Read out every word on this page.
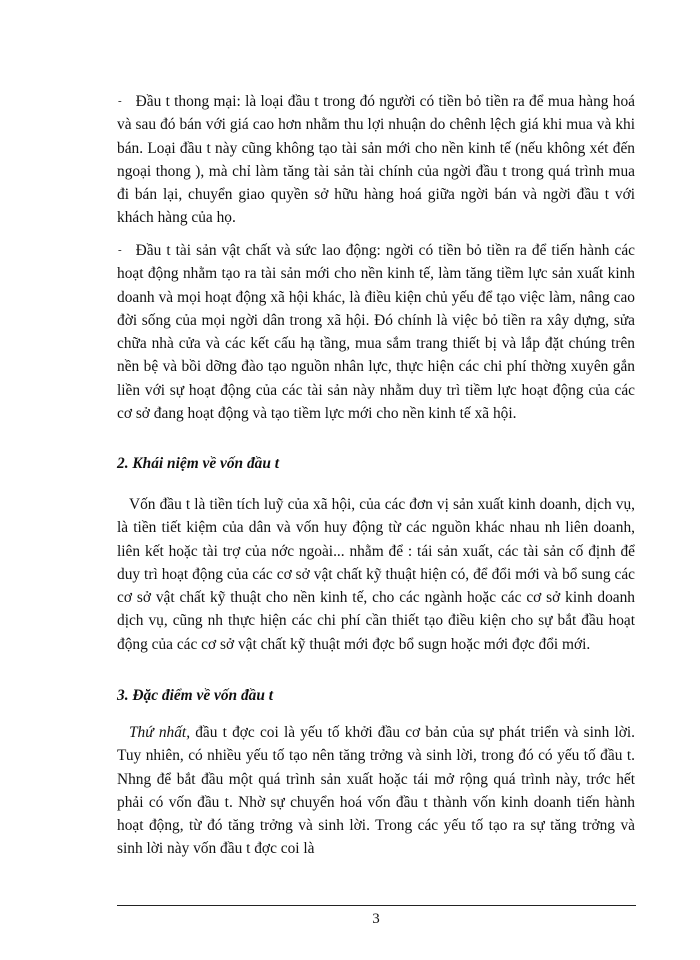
- Đầu t thong mại: là loại đầu t trong đó người có tiền bỏ tiền ra để mua hàng hoá và sau đó bán với giá cao hơn nhằm thu lợi nhuận do chênh lệch giá khi mua và khi bán. Loại đầu t này cũng không tạo tài sản mới cho nền kinh tế (nếu không xét đến ngoại thong ), mà chỉ làm tăng tài sản tài chính của ngời đầu t trong quá trình mua đi bán lại, chuyển giao quyền sở hữu hàng hoá giữa ngời bán và ngời đầu t với khách hàng của họ.

- Đầu t tài sản vật chất và sức lao động: ngời có tiền bỏ tiền ra để tiến hành các hoạt động nhằm tạo ra tài sản mới cho nền kinh tế, làm tăng tiềm lực sản xuất kinh doanh và mọi hoạt động xã hội khác, là điều kiện chủ yếu để tạo việc làm, nâng cao đời sống của mọi ngời dân trong xã hội. Đó chính là việc bỏ tiền ra xây dựng, sửa chữa nhà cửa và các kết cấu hạ tầng, mua sắm trang thiết bị và lắp đặt chúng trên nền bệ và bồi dỡng đào tạo nguồn nhân lực, thực hiện các chi phí thờng xuyên gắn liền với sự hoạt động của các tài sản này nhằm duy trì tiềm lực hoạt động của các cơ sở đang hoạt động và tạo tiềm lực mới cho nền kinh tế xã hội.

2. Khái niệm về vốn đầu t

Vốn đầu t là tiền tích luỹ của xã hội, của các đơn vị sản xuất kinh doanh, dịch vụ, là tiền tiết kiệm của dân và vốn huy động từ các nguồn khác nhau nh liên doanh, liên kết hoặc tài trợ của nớc ngoài... nhằm để : tái sản xuất, các tài sản cố định để duy trì hoạt động của các cơ sở vật chất kỹ thuật hiện có, để đổi mới và bổ sung các cơ sở vật chất kỹ thuật cho nền kinh tế, cho các ngành hoặc các cơ sở kinh doanh dịch vụ, cũng nh thực hiện các chi phí cần thiết tạo điều kiện cho sự bắt đầu hoạt động của các cơ sở vật chất kỹ thuật mới đợc bổ sugn hoặc mới đợc đổi mới.

3. Đặc điểm về vốn đầu t

Thứ nhất, đầu t đợc coi là yếu tố khởi đầu cơ bản của sự phát triển và sinh lời. Tuy nhiên, có nhiều yếu tố tạo nên tăng trởng và sinh lời, trong đó có yếu tố đầu t. Nhng để bắt đầu một quá trình sản xuất hoặc tái mở rộng quá trình này, trớc hết phải có vốn đầu t. Nhờ sự chuyển hoá vốn đầu t thành vốn kinh doanh tiến hành hoạt động, từ đó tăng trởng và sinh lời. Trong các yếu tố tạo ra sự tăng trởng và sinh lời này vốn đầu t đợc coi là

3
